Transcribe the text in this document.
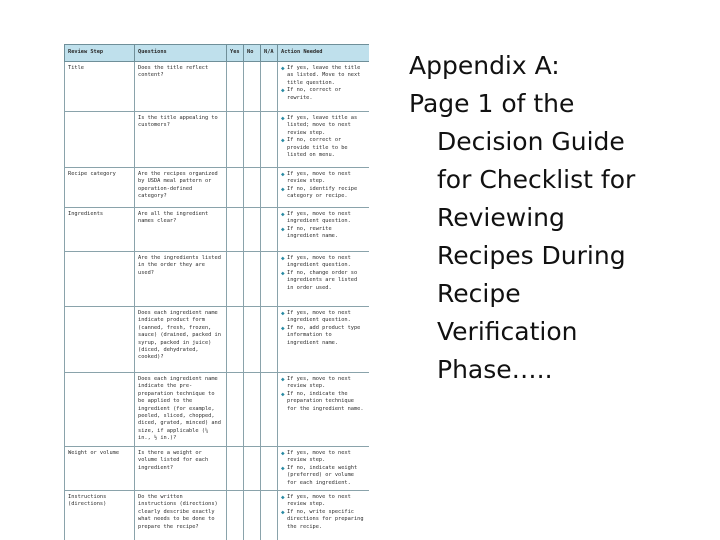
Review Step	Questions	Yes	No	N/A	Action Needed
Title	Does the title reflect content?				◆ If yes, leave the title as listed. Move to next title question.
◆ If no, correct or rewrite.

	Is the title appealing to customers?				◆ If yes, leave title as listed; move to next review step.
◆ If no, correct or provide title to be listed on menu.

Recipe category	Are the recipes organized by USDA meal pattern or operation-defined category?				◆ If yes, move to next review step.
◆ If no, identify recipe category or recipe.

Ingredients	Are all the ingredient names clear?				◆ If yes, move to next ingredient question.
◆ If no, rewrite ingredient name.

	Are the ingredients listed in the order they are used?				◆ If yes, move to next ingredient question.
◆ If no, change order so ingredients are listed in order used.

	Does each ingredient name indicate product form (canned, fresh, frozen, sauce) (drained, packed in syrup, packed in juice) (diced, dehydrated, cooked)?				◆ If yes, move to next ingredient question.
◆ If no, add product type information to ingredient name.

	Does each ingredient name indicate the pre-preparation technique to be applied to the ingredient (for example, peeled, sliced, chopped, diced, grated, minced) and size, if applicable (¼ in., ½ in.)?				◆ If yes, move to next review step.
◆ If no, indicate the preparation technique for the ingredient name.

Weight or volume	Is there a weight or volume listed for each ingredient?				◆ If yes, move to next review step.
◆ If no, indicate weight (preferred) or volume for each ingredient.

Instructions (directions)	Do the written instructions (directions) clearly describe exactly what needs to be done to prepare the recipe?				◆ If yes, move to next review step.
◆ If no, write specific directions for preparing the recipe.
Appendix A:
Page 1 of the
Decision Guide
for Checklist for
Reviewing
Recipes During
Recipe
Verification
Phase…..
